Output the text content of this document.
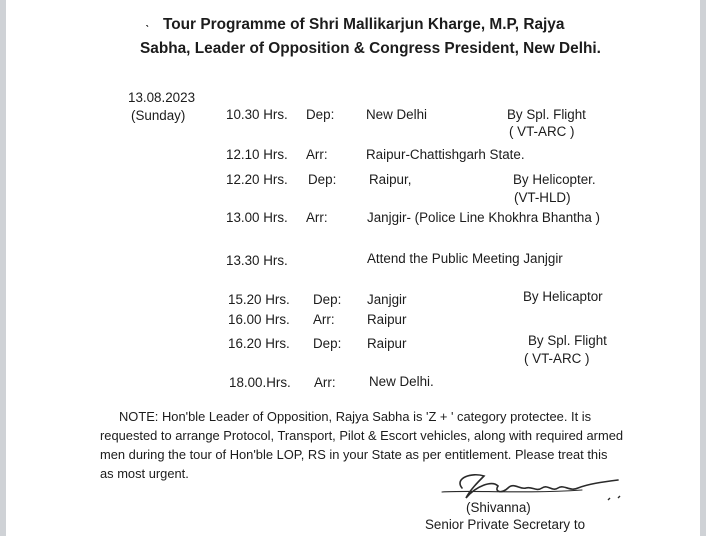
ˋ Tour Programme of Shri Mallikarjun Kharge, M.P, Rajya
Sabha, Leader of Opposition & Congress President, New Delhi.
13.08.2023
(Sunday)	10.30 Hrs. Dep: New Delhi	By Spl. Flight
( VT-ARC )
12.10 Hrs. Arr:	Raipur-Chattishgarh State.
12.20 Hrs. Dep: Raipur,	By Helicopter.
(VT-HLD)
13.00 Hrs. Arr:	Janjgir- (Police Line Khokhra Bhantha )
13.30 Hrs.	Attend the Public Meeting Janjgir
15.20 Hrs. Dep: Janjgir	By Helicaptor
16.00 Hrs. Arr: Raipur
16.20 Hrs. Dep: Raipur	By Spl. Flight
( VT-ARC )
18.00.Hrs. Arr: New Delhi.
NOTE: Hon'ble Leader of Opposition, Rajya Sabha is 'Z + ' category protectee. It is
requested to arrange Protocol, Transport, Pilot & Escort vehicles, along with required armed
men during the tour of Hon'ble LOP, RS in your State as per entitlement. Please treat this
as most urgent.
(Shivanna)
Senior Private Secretary to
